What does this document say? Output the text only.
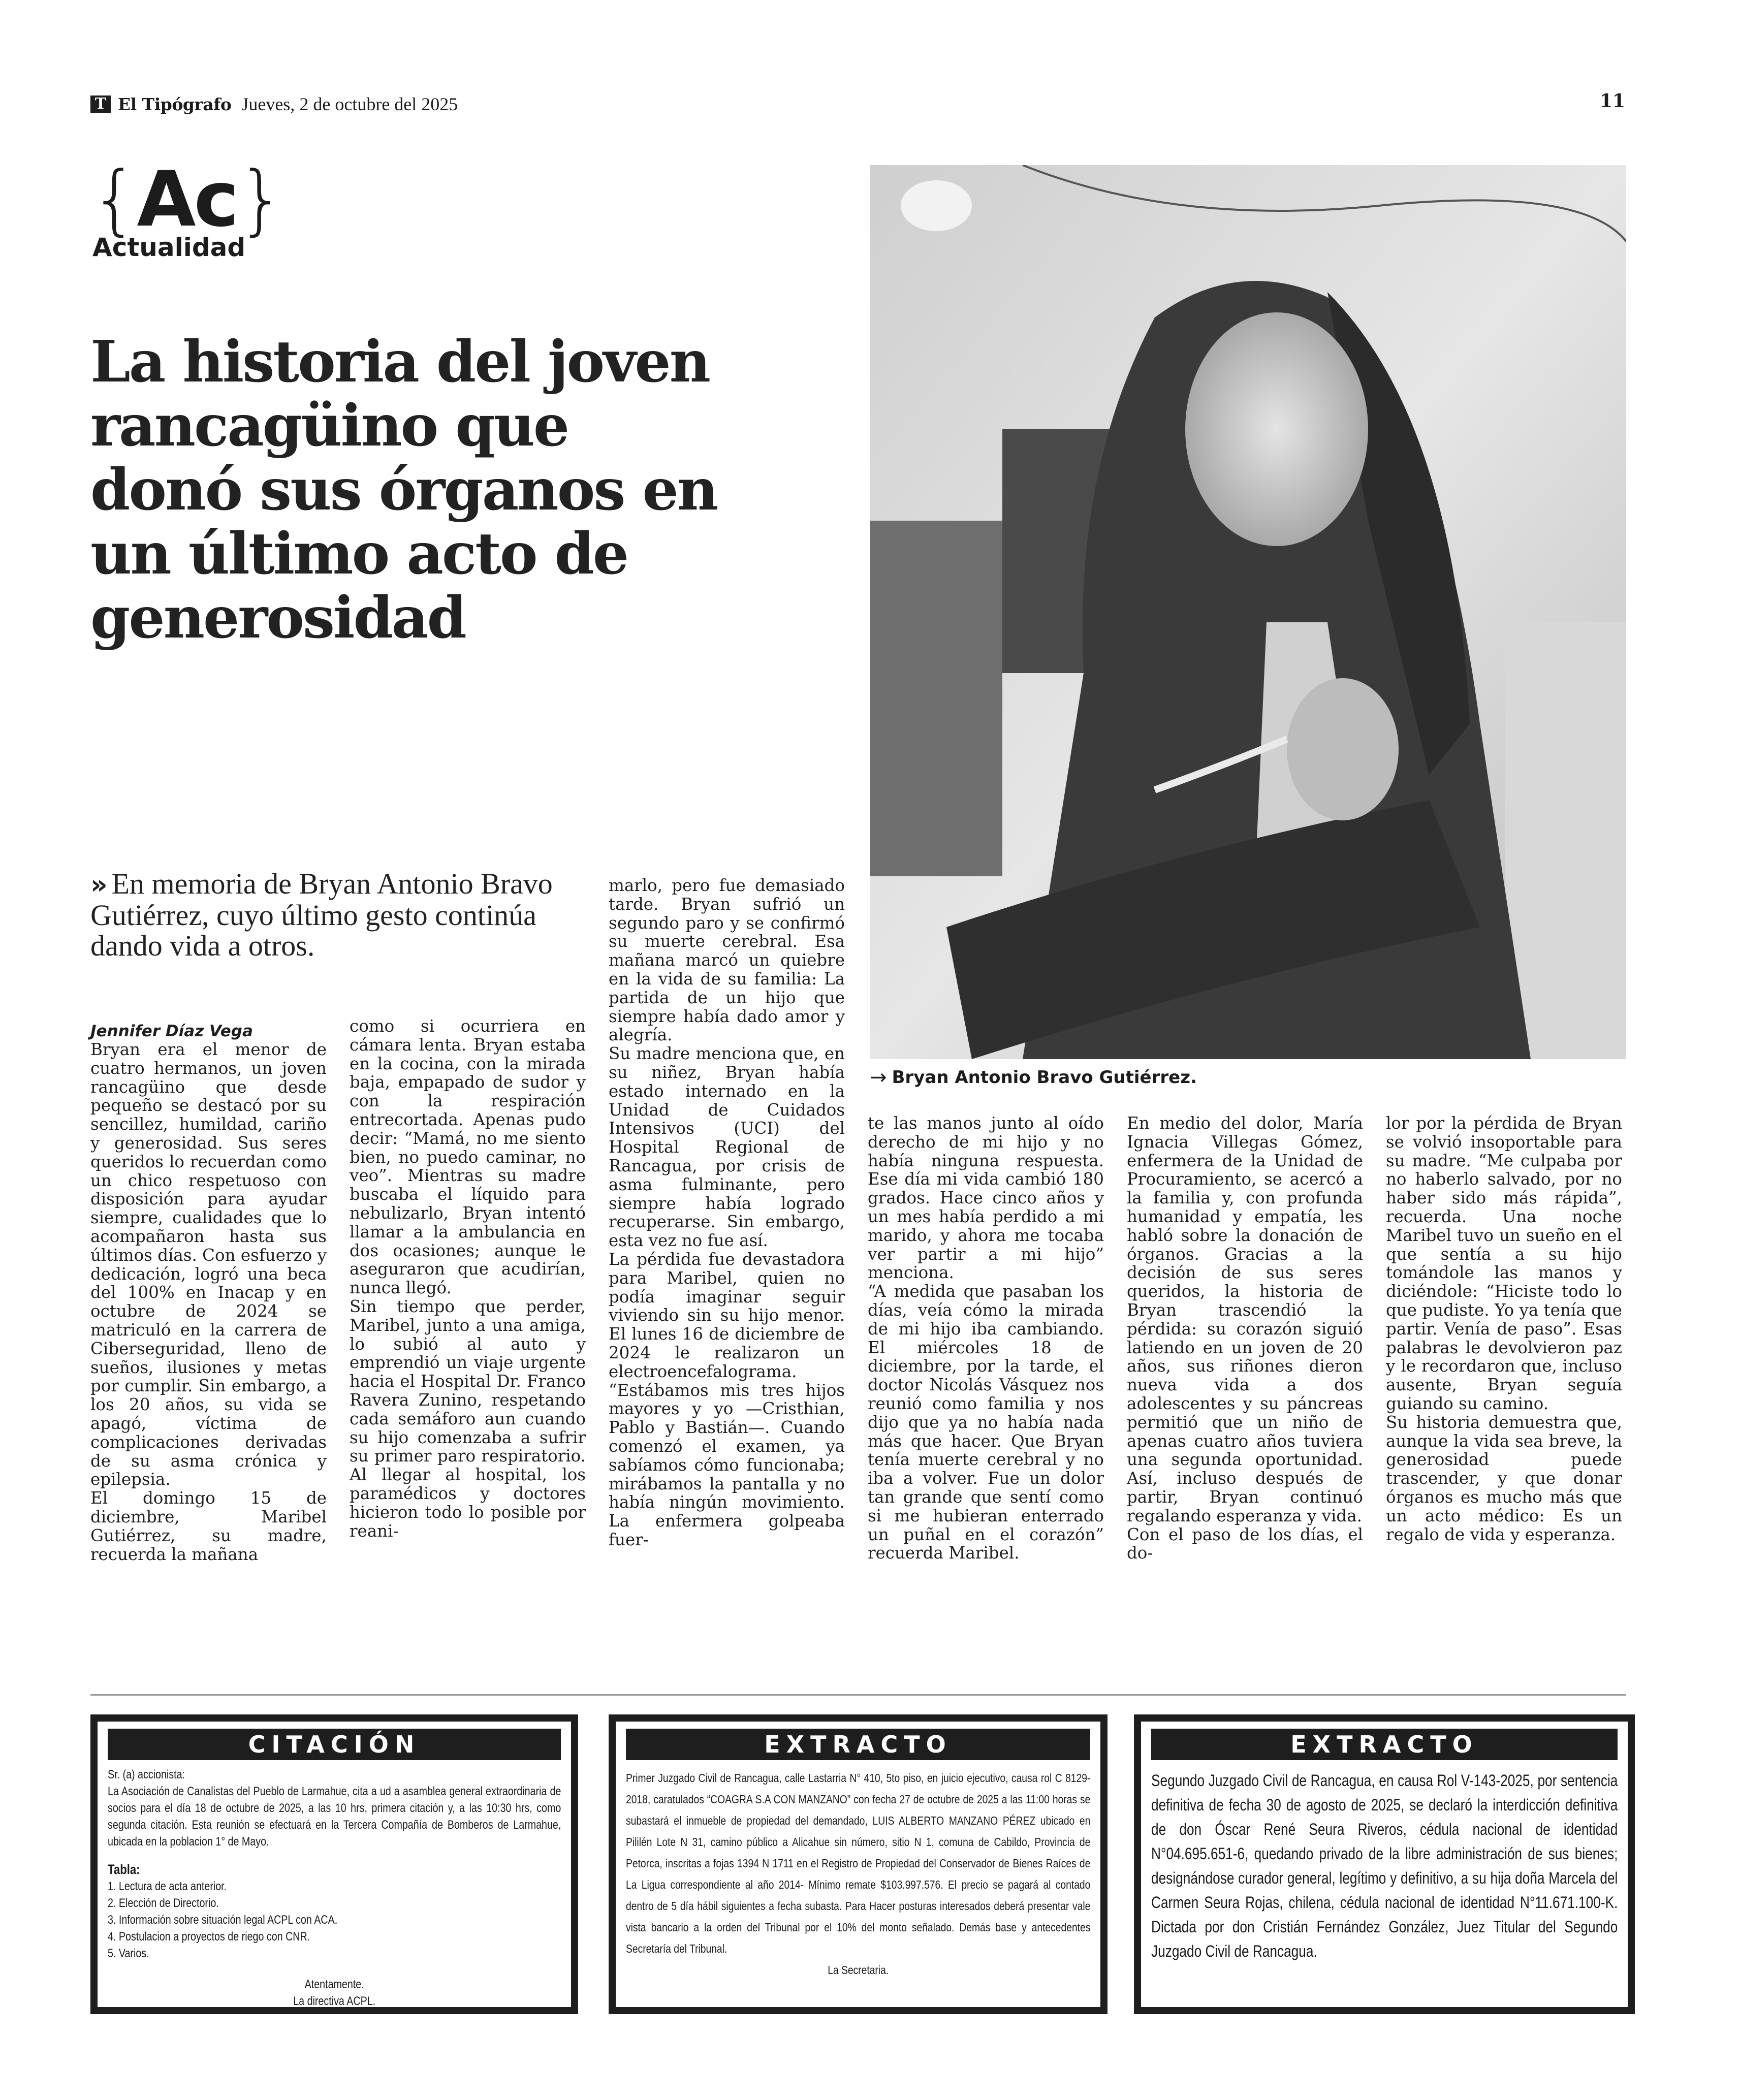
T El Tipógrafo Jueves, 2 de octubre del 2025	11
{Ac}
Actualidad
La historia del joven
rancagüino que
donó sus órganos en
un último acto de
generosidad
→ Bryan Antonio Bravo Gutiérrez.
» En memoria de Bryan Antonio Bravo Gutiérrez, cuyo último gesto continúa dando vida a otros.
Jennifer Díaz Vega

Bryan era el menor de cuatro hermanos, un joven rancagüino que desde pequeño se destacó por su sencillez, humildad, cariño y generosidad. Sus seres queridos lo recuerdan como un chico respetuoso con disposición para ayudar siempre, cualidades que lo acompañaron hasta sus últimos días. Con esfuerzo y dedicación, logró una beca del 100% en Inacap y en octubre de 2024 se matriculó en la carrera de Ciberseguridad, lleno de sueños, ilusiones y metas por cumplir. Sin embargo, a los 20 años, su vida se apagó, víctima de complicaciones derivadas de su asma crónica y epilepsia.

El domingo 15 de diciembre, Maribel Gutiérrez, su madre, recuerda la mañana

como si ocurriera en cámara lenta. Bryan estaba en la cocina, con la mirada baja, empapado de sudor y con la respiración entrecortada. Apenas pudo decir: “Mamá, no me siento bien, no puedo caminar, no veo”. Mientras su madre buscaba el líquido para nebulizarlo, Bryan intentó llamar a la ambulancia en dos ocasiones; aunque le aseguraron que acudirían, nunca llegó.

Sin tiempo que perder, Maribel, junto a una amiga, lo subió al auto y emprendió un viaje urgente hacia el Hospital Dr. Franco Ravera Zunino, respetando cada semáforo aun cuando su hijo comenzaba a sufrir su primer paro respiratorio. Al llegar al hospital, los paramédicos y doctores hicieron todo lo posible por reani-

marlo, pero fue demasiado tarde. Bryan sufrió un segundo paro y se confirmó su muerte cerebral. Esa mañana marcó un quiebre en la vida de su familia: La partida de un hijo que siempre había dado amor y alegría.

Su madre menciona que, en su niñez, Bryan había estado internado en la Unidad de Cuidados Intensivos (UCI) del Hospital Regional de Rancagua, por crisis de asma fulminante, pero siempre había logrado recuperarse. Sin embargo, esta vez no fue así.

La pérdida fue devastadora para Maribel, quien no podía imaginar seguir viviendo sin su hijo menor. El lunes 16 de diciembre de 2024 le realizaron un electroencefalograma. “Estábamos mis tres hijos mayores y yo —Cristhian, Pablo y Bastián—. Cuando comenzó el examen, ya sabíamos cómo funcionaba; mirábamos la pantalla y no había ningún movimiento. La enfermera golpeaba fuer-

te las manos junto al oído derecho de mi hijo y no había ninguna respuesta. Ese día mi vida cambió 180 grados. Hace cinco años y un mes había perdido a mi marido, y ahora me tocaba ver partir a mi hijo” menciona.

“A medida que pasaban los días, veía cómo la mirada de mi hijo iba cambiando. El miércoles 18 de diciembre, por la tarde, el doctor Nicolás Vásquez nos reunió como familia y nos dijo que ya no había nada más que hacer. Que Bryan tenía muerte cerebral y no iba a volver. Fue un dolor tan grande que sentí como si me hubieran enterrado un puñal en el corazón” recuerda Maribel.

En medio del dolor, María Ignacia Villegas Gómez, enfermera de la Unidad de Procuramiento, se acercó a la familia y, con profunda humanidad y empatía, les habló sobre la donación de órganos. Gracias a la decisión de sus seres queridos, la historia de Bryan trascendió la pérdida: su corazón siguió latiendo en un joven de 20 años, sus riñones dieron nueva vida a dos adolescentes y su páncreas permitió que un niño de apenas cuatro años tuviera una segunda oportunidad. Así, incluso después de partir, Bryan continuó regalando esperanza y vida.

Con el paso de los días, el do-

lor por la pérdida de Bryan se volvió insoportable para su madre. “Me culpaba por no haberlo salvado, por no haber sido más rápida”, recuerda. Una noche Maribel tuvo un sueño en el que sentía a su hijo tomándole las manos y diciéndole: “Hiciste todo lo que pudiste. Yo ya tenía que partir. Venía de paso”. Esas palabras le devolvieron paz y le recordaron que, incluso ausente, Bryan seguía guiando su camino.

Su historia demuestra que, aunque la vida sea breve, la generosidad puede trascender, y que donar órganos es mucho más que un acto médico: Es un regalo de vida y esperanza.

CITACIÓN
Sr. (a) accionista:
La Asociación de Canalistas del Pueblo de Larmahue, cita a ud a asamblea general extraordinaria de socios para el día 18 de octubre de 2025, a las 10 hrs, primera citación y, a las 10:30 hrs, como segunda citación. Esta reunión se efectuará en la Tercera Compañía de Bomberos de Larmahue, ubicada en la poblacion 1° de Mayo.
Tabla:
1. Lectura de acta anterior.
2. Elección de Directorio.
3. Información sobre situación legal ACPL con ACA.
4. Postulacion a proyectos de riego con CNR.
5. Varios.
Atentamente.
La directiva ACPL.
EXTRACTO
Primer Juzgado Civil de Rancagua, calle Lastarria N° 410, 5to piso, en juicio ejecutivo, causa rol C 8129-2018, caratulados “COAGRA S.A CON MANZANO” con fecha 27 de octubre de 2025 a las 11:00 horas se subastará el inmueble de propiedad del demandado, LUIS ALBERTO MANZANO PÉREZ ubicado en Pililén Lote N 31, camino público a Alicahue sin número, sitio N 1, comuna de Cabildo, Provincia de Petorca, inscritas a fojas 1394 N 1711 en el Registro de Propiedad del Conservador de Bienes Raíces de La Ligua correspondiente al año 2014- Mínimo remate $103.997.576. El precio se pagará al contado dentro de 5 día hábil siguientes a fecha subasta. Para Hacer posturas interesados deberá presentar vale vista bancario a la orden del Tribunal por el 10% del monto señalado. Demás base y antecedentes Secretaría del Tribunal.
La Secretaria.
EXTRACTO
Segundo Juzgado Civil de Rancagua, en causa Rol V-143-2025, por sentencia definitiva de fecha 30 de agosto de 2025, se declaró la interdicción definitiva de don Óscar René Seura Riveros, cédula nacional de identidad N°04.695.651-6, quedando privado de la libre administración de sus bienes; designándose curador general, legítimo y definitivo, a su hija doña Marcela del Carmen Seura Rojas, chilena, cédula nacional de identidad N°11.671.100-K. Dictada por don Cristián Fernández González, Juez Titular del Segundo Juzgado Civil de Rancagua.
